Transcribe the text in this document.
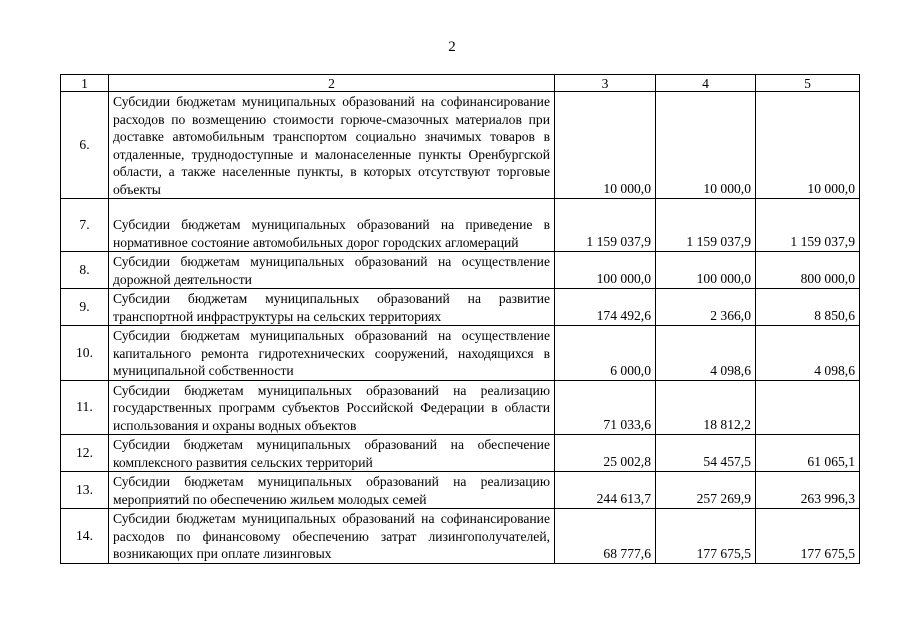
2
1	2	3	4	5
6.	Субсидии бюджетам муниципальных образований на софинансирование расходов по возмещению стоимости горюче-смазочных материалов при доставке автомобильным транспортом социально значимых товаров в отдаленные, труднодоступные и малонаселенные пункты Оренбургской области, а также населенные пункты, в которых отсутствуют торговые объекты	10 000,0	10 000,0	10 000,0
7.	Субсидии бюджетам муниципальных образований на приведение в нормативное состояние автомобильных дорог городских агломераций	1 159 037,9	1 159 037,9	1 159 037,9
8.	Субсидии бюджетам муниципальных образований на осуществление дорожной деятельности	100 000,0	100 000,0	800 000,0
9.	Субсидии бюджетам муниципальных образований на развитие транспортной инфраструктуры на сельских территориях	174 492,6	2 366,0	8 850,6
10.	Субсидии бюджетам муниципальных образований на осуществление капитального ремонта гидротехнических сооружений, находящихся в муниципальной собственности	6 000,0	4 098,6	4 098,6
11.	Субсидии бюджетам муниципальных образований на реализацию государственных программ субъектов Российской Федерации в области использования и охраны водных объектов	71 033,6	18 812,2	
12.	Субсидии бюджетам муниципальных образований на обеспечение комплексного развития сельских территорий	25 002,8	54 457,5	61 065,1
13.	Субсидии бюджетам муниципальных образований на реализацию мероприятий по обеспечению жильем молодых семей	244 613,7	257 269,9	263 996,3
14.	Субсидии бюджетам муниципальных образований на софинансирование расходов по финансовому обеспечению затрат лизингополучателей, возникающих при оплате лизинговых	68 777,6	177 675,5	177 675,5
